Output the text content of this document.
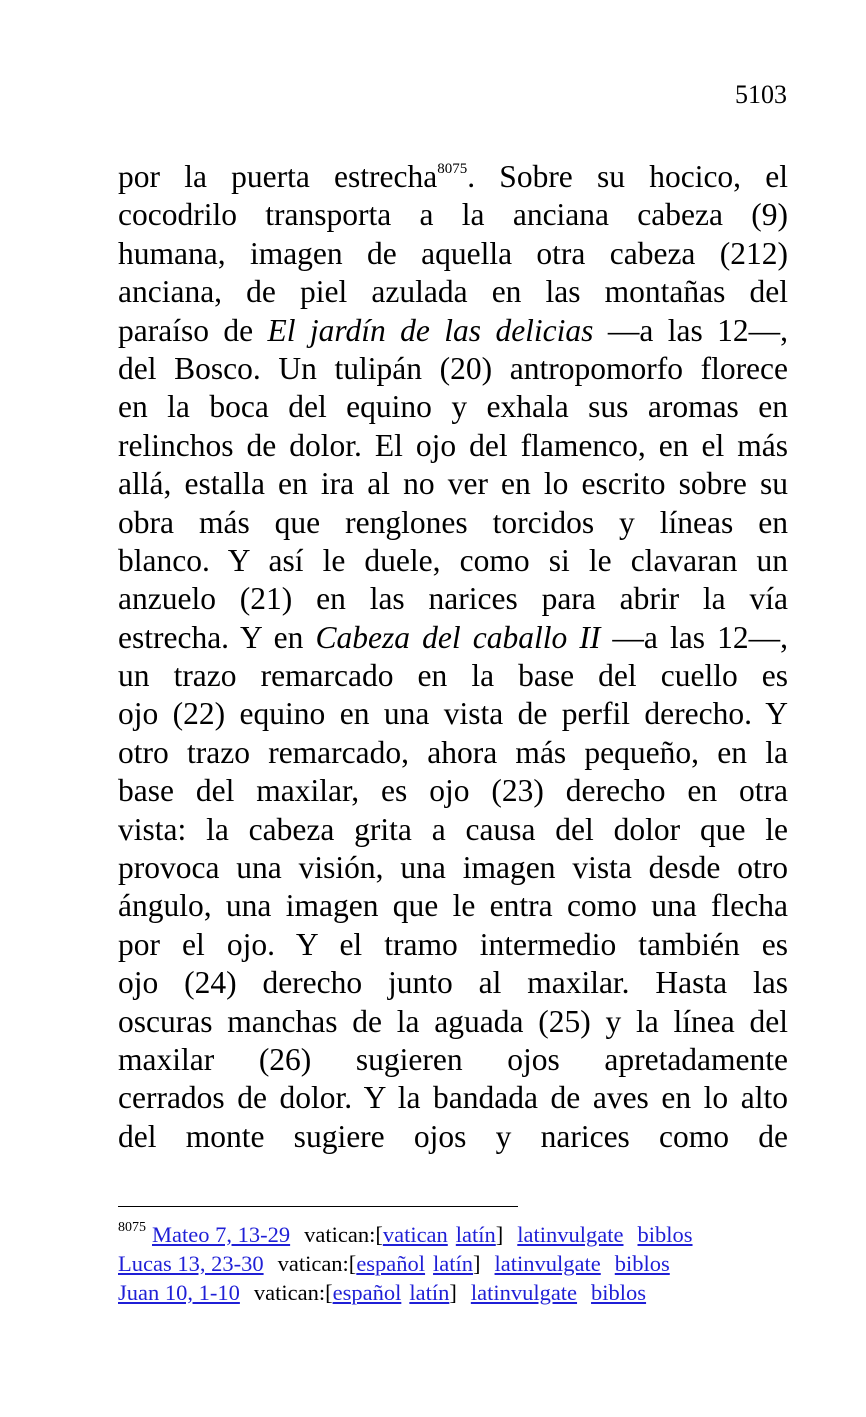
5103
por la puerta estrecha$^{8075}$. Sobre su hocico, el
cocodrilo transporta a la anciana cabeza (9)
humana, imagen de aquella otra cabeza (212)
anciana, de piel azulada en las montañas del
paraíso de El jardín de las delicias —a las 12—,
del Bosco. Un tulipán (20) antropomorfo florece
en la boca del equino y exhala sus aromas en
relinchos de dolor. El ojo del flamenco, en el más
allá, estalla en ira al no ver en lo escrito sobre su
obra más que renglones torcidos y líneas en
blanco. Y así le duele, como si le clavaran un
anzuelo (21) en las narices para abrir la vía
estrecha. Y en Cabeza del caballo II —a las 12—,
un trazo remarcado en la base del cuello es
ojo (22) equino en una vista de perfil derecho. Y
otro trazo remarcado, ahora más pequeño, en la
base del maxilar, es ojo (23) derecho en otra
vista: la cabeza grita a causa del dolor que le
provoca una visión, una imagen vista desde otro
ángulo, una imagen que le entra como una flecha
por el ojo. Y el tramo intermedio también es
ojo (24) derecho junto al maxilar. Hasta las
oscuras manchas de la aguada (25) y la línea del
maxilar (26) sugieren ojos apretadamente
cerrados de dolor. Y la bandada de aves en lo alto
del monte sugiere ojos y narices como de
$^{8075}$ Mateo 7, 13-29 vatican:[vatican latín] latinvulgate biblos
Lucas 13, 23-30 vatican:[español latín] latinvulgate biblos
Juan 10, 1-10 vatican:[español latín] latinvulgate biblos
